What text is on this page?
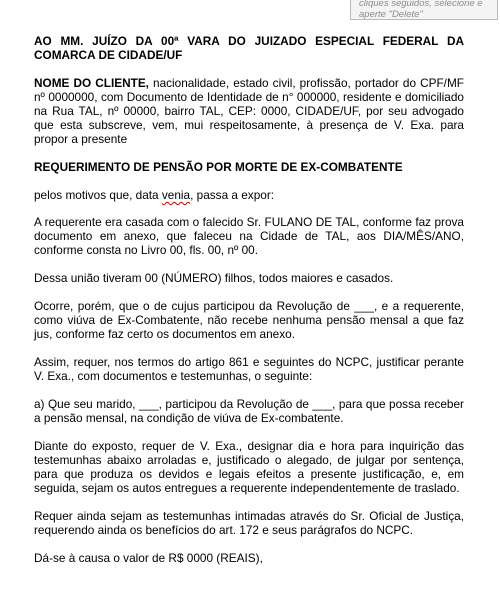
cliques seguidos, selecione e
aperte "Delete"

AO MM. JUÍZO DA 00ª VARA DO JUIZADO ESPECIAL FEDERAL DA COMARCA DE CIDADE/UF

NOME DO CLIENTE, nacionalidade, estado civil, profissão, portador do CPF/MF nº 0000000, com Documento de Identidade de n° 000000, residente e domiciliado na Rua TAL, nº 00000, bairro TAL, CEP: 0000, CIDADE/UF, por seu advogado que esta subscreve, vem, mui respeitosamente, à presença de V. Exa. para propor a presente

REQUERIMENTO DE PENSÃO POR MORTE DE EX-COMBATENTE

pelos motivos que, data venia, passa a expor:

A requerente era casada com o falecido Sr. FULANO DE TAL, conforme faz prova documento em anexo, que faleceu na Cidade de TAL, aos DIA/MÊS/ANO, conforme consta no Livro 00, fls. 00, nº 00.

Dessa união tiveram 00 (NÚMERO) filhos, todos maiores e casados.

Ocorre, porém, que o de cujus participou da Revolução de ___, e a requerente, como viúva de Ex-Combatente, não recebe nenhuma pensão mensal a que faz jus, conforme faz certo os documentos em anexo.

Assim, requer, nos termos do artigo 861 e seguintes do NCPC, justificar perante V. Exa., com documentos e testemunhas, o seguinte:

a) Que seu marido, ___, participou da Revolução de ___, para que possa receber a pensão mensal, na condição de viúva de Ex-combatente.

Diante do exposto, requer de V. Exa., designar dia e hora para inquirição das testemunhas abaixo arroladas e, justificado o alegado, de julgar por sentença, para que produza os devidos e legais efeitos a presente justificação, e, em seguida, sejam os autos entregues a requerente independentemente de traslado.

Requer ainda sejam as testemunhas intimadas através do Sr. Oficial de Justiça, requerendo ainda os benefícios do art. 172 e seus parágrafos do NCPC.

Dá-se à causa o valor de R$ 0000 (REAIS),
